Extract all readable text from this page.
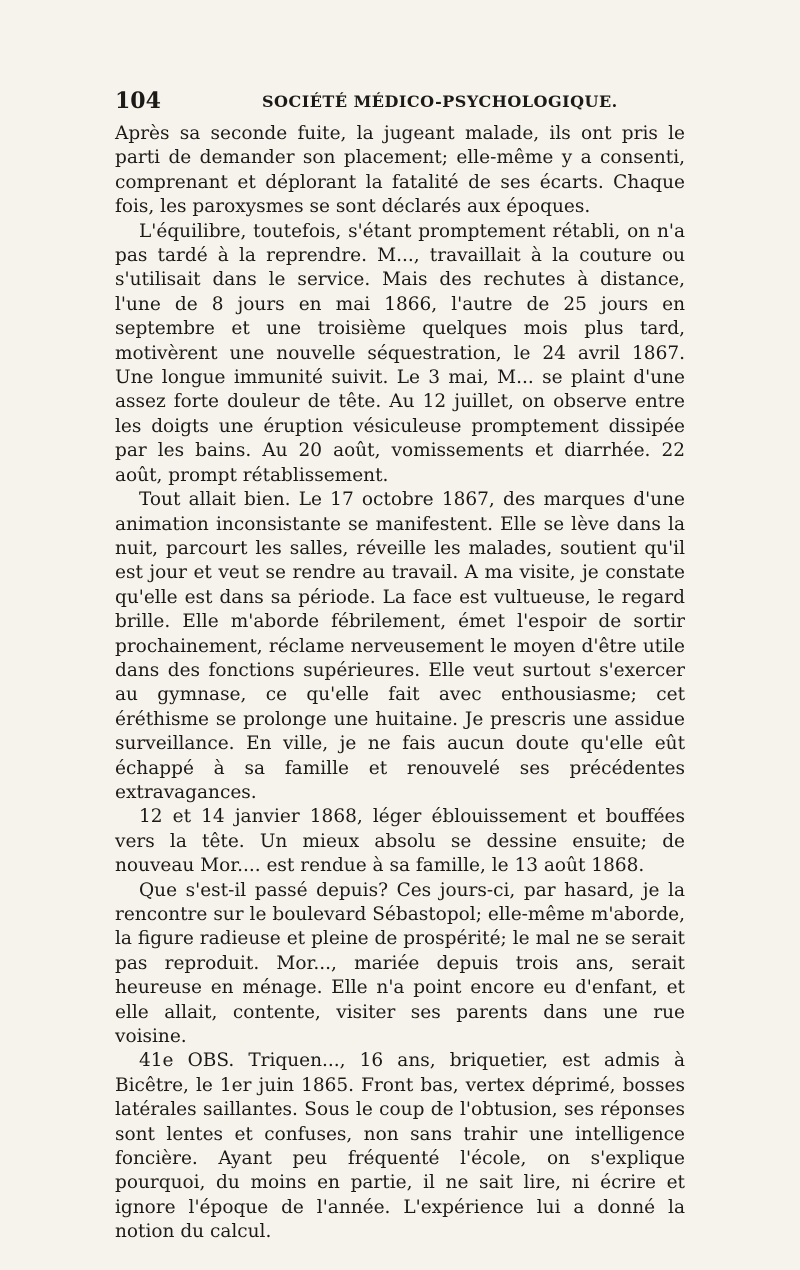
104	SOCIÉTÉ MÉDICO-PSYCHOLOGIQUE.

Après sa seconde fuite, la jugeant malade, ils ont pris le parti de demander son placement; elle-même y a consenti, comprenant et déplorant la fatalité de ses écarts. Chaque fois, les paroxysmes se sont déclarés aux époques.

L'équilibre, toutefois, s'étant promptement rétabli, on n'a pas tardé à la reprendre. M..., travaillait à la couture ou s'utilisait dans le service. Mais des rechutes à distance, l'une de 8 jours en mai 1866, l'autre de 25 jours en septembre et une troisième quelques mois plus tard, motivèrent une nouvelle séquestration, le 24 avril 1867. Une longue immunité suivit. Le 3 mai, M... se plaint d'une assez forte douleur de tête. Au 12 juillet, on observe entre les doigts une éruption vésiculeuse promptement dissipée par les bains. Au 20 août, vomissements et diarrhée. 22 août, prompt rétablissement.

Tout allait bien. Le 17 octobre 1867, des marques d'une animation inconsistante se manifestent. Elle se lève dans la nuit, parcourt les salles, réveille les malades, soutient qu'il est jour et veut se rendre au travail. A ma visite, je constate qu'elle est dans sa période. La face est vultueuse, le regard brille. Elle m'aborde fébrilement, émet l'espoir de sortir prochainement, réclame nerveusement le moyen d'être utile dans des fonctions supérieures. Elle veut surtout s'exercer au gymnase, ce qu'elle fait avec enthousiasme; cet éréthisme se prolonge une huitaine. Je prescris une assidue surveillance. En ville, je ne fais aucun doute qu'elle eût échappé à sa famille et renouvelé ses précédentes extravagances.

12 et 14 janvier 1868, léger éblouissement et bouffées vers la tête. Un mieux absolu se dessine ensuite; de nouveau Mor.... est rendue à sa famille, le 13 août 1868.

Que s'est-il passé depuis? Ces jours-ci, par hasard, je la rencontre sur le boulevard Sébastopol; elle-même m'aborde, la figure radieuse et pleine de prospérité; le mal ne se serait pas reproduit. Mor..., mariée depuis trois ans, serait heureuse en ménage. Elle n'a point encore eu d'enfant, et elle allait, contente, visiter ses parents dans une rue voisine.

41e OBS. Triquen..., 16 ans, briquetier, est admis à Bicêtre, le 1er juin 1865. Front bas, vertex déprimé, bosses latérales saillantes. Sous le coup de l'obtusion, ses réponses sont lentes et confuses, non sans trahir une intelligence foncière. Ayant peu fréquenté l'école, on s'explique pourquoi, du moins en partie, il ne sait lire, ni écrire et ignore l'époque de l'année. L'expérience lui a donné la notion du calcul.
